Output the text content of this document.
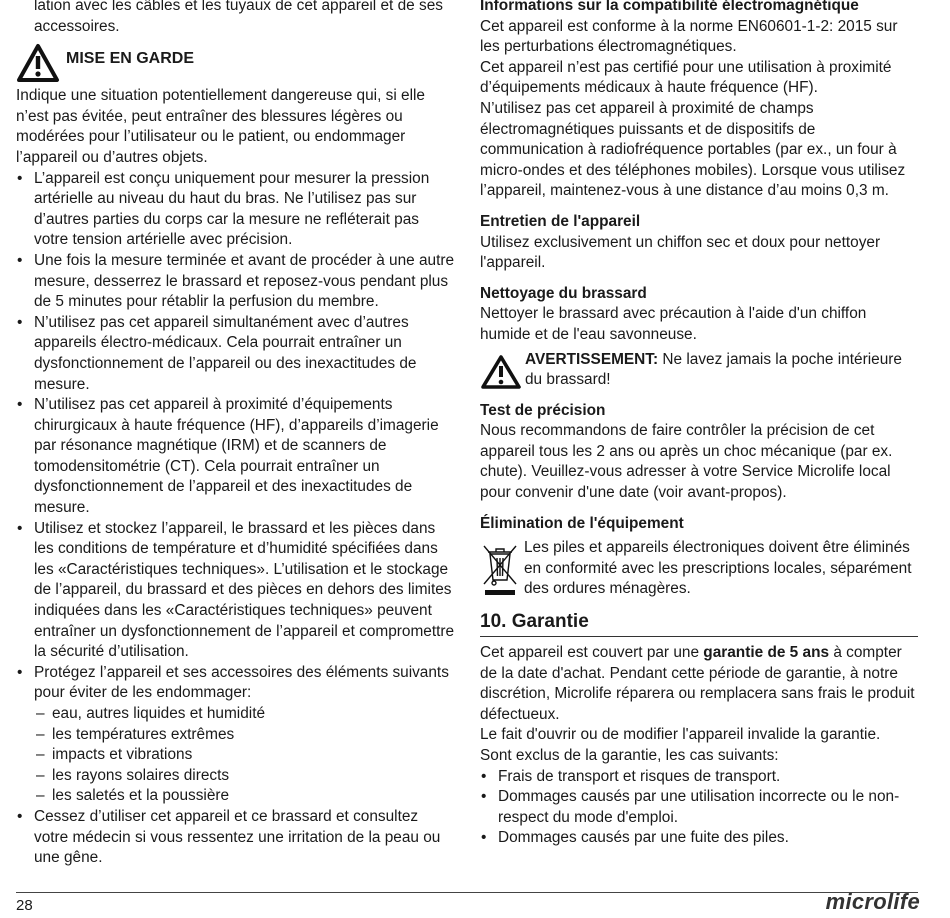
lation avec les câbles et les tuyaux de cet appareil et de ses accessoires.

MISE EN GARDE

Indique une situation potentiellement dangereuse qui, si elle n’est pas évitée, peut entraîner des blessures légères ou modérées pour l’utilisateur ou le patient, ou endommager l’appareil ou d’autres objets.

• L’appareil est conçu uniquement pour mesurer la pression artérielle au niveau du haut du bras. Ne l’utilisez pas sur d’autres parties du corps car la mesure ne refléterait pas votre tension artérielle avec précision.
• Une fois la mesure terminée et avant de procéder à une autre mesure, desserrez le brassard et reposez-vous pendant plus de 5 minutes pour rétablir la perfusion du membre.
• N’utilisez pas cet appareil simultanément avec d’autres appareils électro-médicaux. Cela pourrait entraîner un dysfonctionnement de l’appareil ou des inexactitudes de mesure.
• N’utilisez pas cet appareil à proximité d’équipements chirurgicaux à haute fréquence (HF), d’appareils d’imagerie par résonance magnétique (IRM) et de scanners de tomodensitométrie (CT). Cela pourrait entraîner un dysfonctionnement de l’appareil et des inexactitudes de mesure.
• Utilisez et stockez l’appareil, le brassard et les pièces dans les conditions de température et d’humidité spécifiées dans les «Caractéristiques techniques». L’utilisation et le stockage de l’appareil, du brassard et des pièces en dehors des limites indiquées dans les «Caractéristiques techniques» peuvent entraîner un dysfonctionnement de l’appareil et compromettre la sécurité d’utilisation.
• Protégez l’appareil et ses accessoires des éléments suivants pour éviter de les endommager:
– eau, autres liquides et humidité
– les températures extrêmes
– impacts et vibrations
– les rayons solaires directs
– les saletés et la poussière
• Cessez d’utiliser cet appareil et ce brassard et consultez votre médecin si vous ressentez une irritation de la peau ou une gêne.
Informations sur la compatibilité électromagnétique

Cet appareil est conforme à la norme EN60601-1-2: 2015 sur les perturbations électromagnétiques.

Cet appareil n’est pas certifié pour une utilisation à proximité d’équipements médicaux à haute fréquence (HF).

N’utilisez pas cet appareil à proximité de champs électromagnétiques puissants et de dispositifs de communication à radiofréquence portables (par ex., un four à micro-ondes et des téléphones mobiles). Lorsque vous utilisez l’appareil, maintenez-vous à une distance d’au moins 0,3 m.

Entretien de l'appareil

Utilisez exclusivement un chiffon sec et doux pour nettoyer l'appareil.

Nettoyage du brassard

Nettoyer le brassard avec précaution à l'aide d'un chiffon humide et de l'eau savonneuse.

AVERTISSEMENT: Ne lavez jamais la poche intérieure du brassard!
Test de précision

Nous recommandons de faire contrôler la précision de cet appareil tous les 2 ans ou après un choc mécanique (par ex. chute). Veuillez-vous adresser à votre Service Microlife local pour convenir d'une date (voir avant-propos).

Élimination de l'équipement
Les piles et appareils électroniques doivent être éliminés en conformité avec les prescriptions locales, séparément des ordures ménagères.
10. Garantie

Cet appareil est couvert par une garantie de 5 ans à compter de la date d'achat. Pendant cette période de garantie, à notre discrétion, Microlife réparera ou remplacera sans frais le produit défectueux.

Le fait d'ouvrir ou de modifier l'appareil invalide la garantie.

Sont exclus de la garantie, les cas suivants:

• Frais de transport et risques de transport.
• Dommages causés par une utilisation incorrecte ou le non-respect du mode d'emploi.
• Dommages causés par une fuite des piles.
28	microlife
